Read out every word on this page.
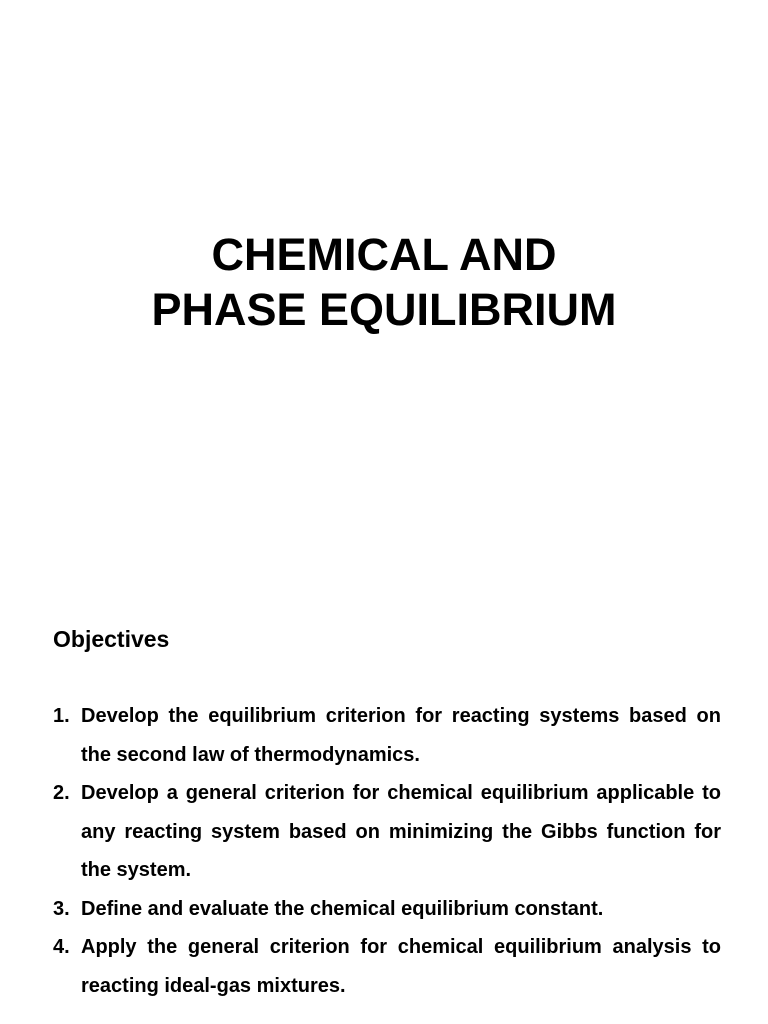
CHEMICAL AND
PHASE EQUILIBRIUM
Objectives
1. Develop the equilibrium criterion for reacting systems based on the second law of thermodynamics.
2. Develop a general criterion for chemical equilibrium applicable to any reacting system based on minimizing the Gibbs function for the system.
3. Define and evaluate the chemical equilibrium constant.
4. Apply the general criterion for chemical equilibrium analysis to reacting ideal-gas mixtures.
